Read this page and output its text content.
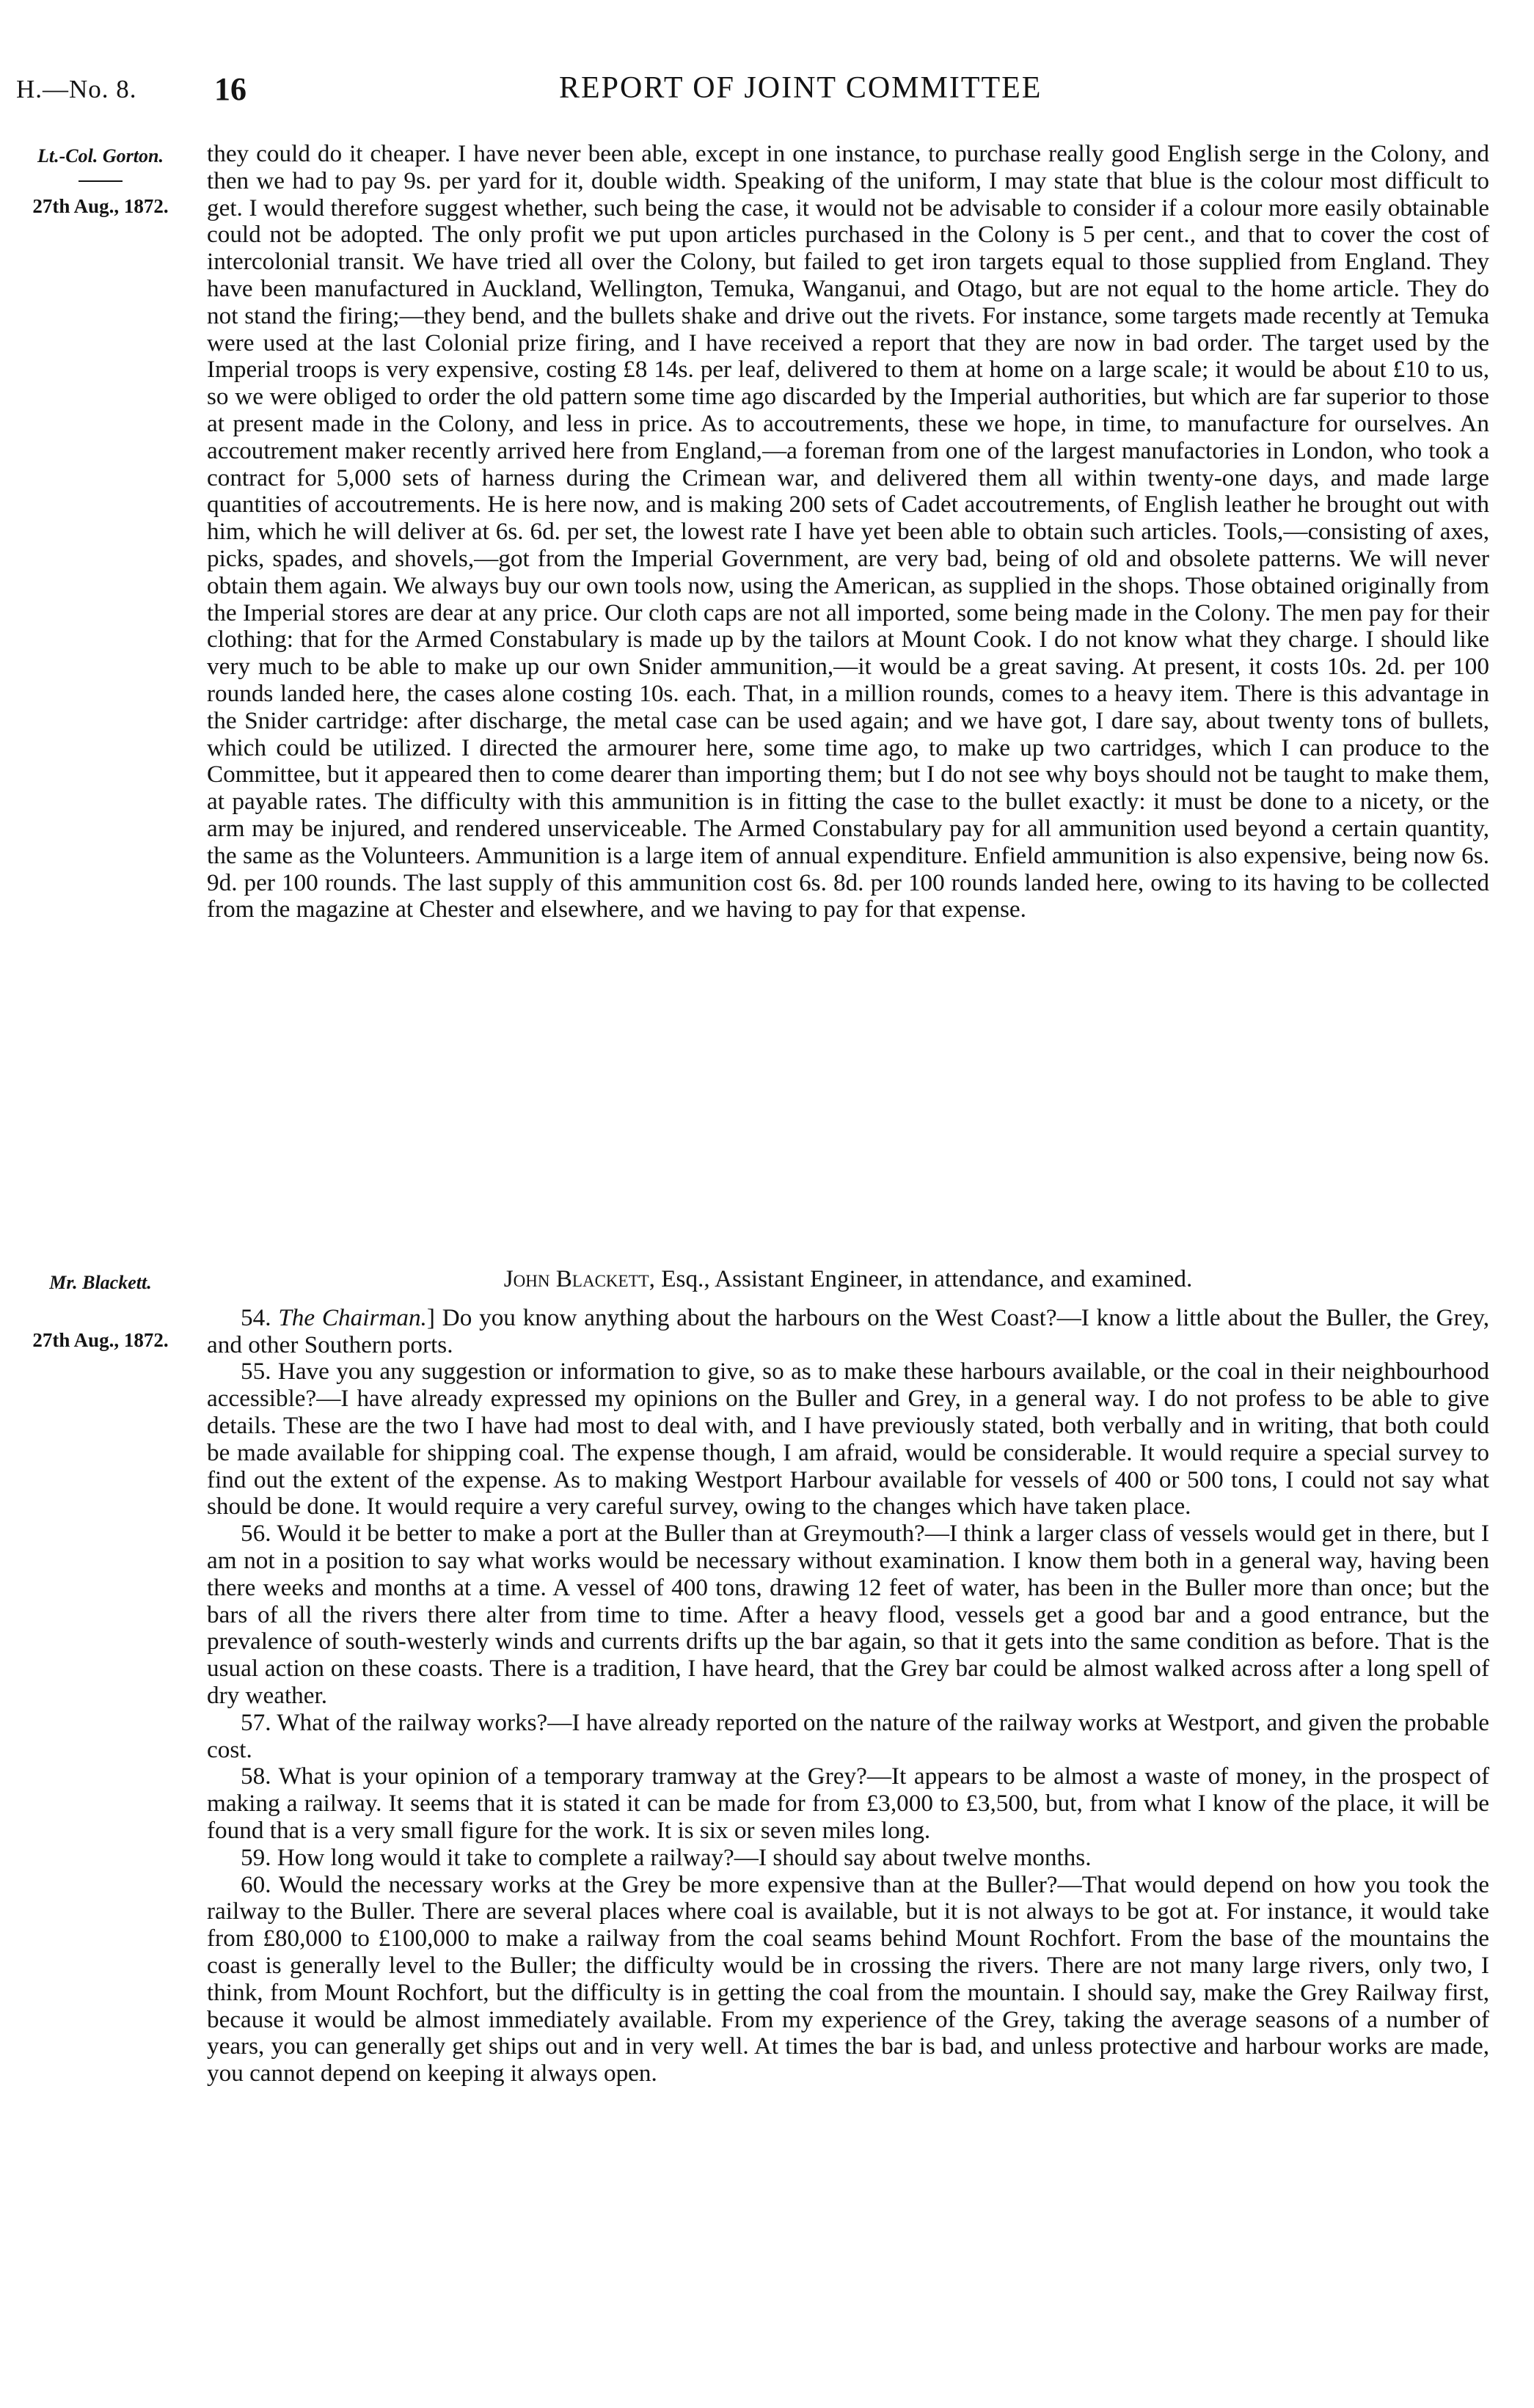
H.—No. 8. 16	REPORT OF JOINT COMMITTEE
Lt.-Col. Gorton.
27th Aug., 1872.

they could do it cheaper. I have never been able, except in one instance, to purchase really good English serge in the Colony, and then we had to pay 9s. per yard for it, double width. Speaking of the uniform, I may state that blue is the colour most difficult to get. I would therefore suggest whether, such being the case, it would not be advisable to consider if a colour more easily obtainable could not be adopted. The only profit we put upon articles purchased in the Colony is 5 per cent., and that to cover the cost of intercolonial transit. We have tried all over the Colony, but failed to get iron targets equal to those supplied from England. They have been manufactured in Auckland, Wellington, Temuka, Wanganui, and Otago, but are not equal to the home article. They do not stand the firing;—they bend, and the bullets shake and drive out the rivets. For instance, some targets made recently at Temuka were used at the last Colonial prize firing, and I have received a report that they are now in bad order. The target used by the Imperial troops is very expensive, costing £8 14s. per leaf, delivered to them at home on a large scale; it would be about £10 to us, so we were obliged to order the old pattern some time ago discarded by the Imperial authorities, but which are far superior to those at present made in the Colony, and less in price. As to accoutrements, these we hope, in time, to manufacture for ourselves. An accoutrement maker recently arrived here from England,—a foreman from one of the largest manufactories in London, who took a contract for 5,000 sets of harness during the Crimean war, and delivered them all within twenty-one days, and made large quantities of accoutrements. He is here now, and is making 200 sets of Cadet accoutrements, of English leather he brought out with him, which he will deliver at 6s. 6d. per set, the lowest rate I have yet been able to obtain such articles. Tools,—consisting of axes, picks, spades, and shovels,—got from the Imperial Government, are very bad, being of old and obsolete patterns. We will never obtain them again. We always buy our own tools now, using the American, as supplied in the shops. Those obtained originally from the Imperial stores are dear at any price. Our cloth caps are not all imported, some being made in the Colony. The men pay for their clothing: that for the Armed Constabulary is made up by the tailors at Mount Cook. I do not know what they charge. I should like very much to be able to make up our own Snider ammunition,—it would be a great saving. At present, it costs 10s. 2d. per 100 rounds landed here, the cases alone costing 10s. each. That, in a million rounds, comes to a heavy item. There is this advantage in the Snider cartridge: after discharge, the metal case can be used again; and we have got, I dare say, about twenty tons of bullets, which could be utilized. I directed the armourer here, some time ago, to make up two cartridges, which I can produce to the Committee, but it appeared then to come dearer than importing them; but I do not see why boys should not be taught to make them, at payable rates. The difficulty with this ammunition is in fitting the case to the bullet exactly: it must be done to a nicety, or the arm may be injured, and rendered unserviceable. The Armed Constabulary pay for all ammunition used beyond a certain quantity, the same as the Volunteers. Ammunition is a large item of annual expenditure. Enfield ammunition is also expensive, being now 6s. 9d. per 100 rounds. The last supply of this ammunition cost 6s. 8d. per 100 rounds landed here, owing to its having to be collected from the magazine at Chester and elsewhere, and we having to pay for that expense.

Mr. Blackett.
27th Aug., 1872.

John Blackett, Esq., Assistant Engineer, in attendance, and examined.

54. The Chairman.] Do you know anything about the harbours on the West Coast?—I know a little about the Buller, the Grey, and other Southern ports.

55. Have you any suggestion or information to give, so as to make these harbours available, or the coal in their neighbourhood accessible?—I have already expressed my opinions on the Buller and Grey, in a general way. I do not profess to be able to give details. These are the two I have had most to deal with, and I have previously stated, both verbally and in writing, that both could be made available for shipping coal. The expense though, I am afraid, would be considerable. It would require a special survey to find out the extent of the expense. As to making Westport Harbour available for vessels of 400 or 500 tons, I could not say what should be done. It would require a very careful survey, owing to the changes which have taken place.

56. Would it be better to make a port at the Buller than at Greymouth?—I think a larger class of vessels would get in there, but I am not in a position to say what works would be necessary without examination. I know them both in a general way, having been there weeks and months at a time. A vessel of 400 tons, drawing 12 feet of water, has been in the Buller more than once; but the bars of all the rivers there alter from time to time. After a heavy flood, vessels get a good bar and a good entrance, but the prevalence of south-westerly winds and currents drifts up the bar again, so that it gets into the same condition as before. That is the usual action on these coasts. There is a tradition, I have heard, that the Grey bar could be almost walked across after a long spell of dry weather.

57. What of the railway works?—I have already reported on the nature of the railway works at Westport, and given the probable cost.

58. What is your opinion of a temporary tramway at the Grey?—It appears to be almost a waste of money, in the prospect of making a railway. It seems that it is stated it can be made for from £3,000 to £3,500, but, from what I know of the place, it will be found that is a very small figure for the work. It is six or seven miles long.

59. How long would it take to complete a railway?—I should say about twelve months.

60. Would the necessary works at the Grey be more expensive than at the Buller?—That would depend on how you took the railway to the Buller. There are several places where coal is available, but it is not always to be got at. For instance, it would take from £80,000 to £100,000 to make a railway from the coal seams behind Mount Rochfort. From the base of the mountains the coast is generally level to the Buller; the difficulty would be in crossing the rivers. There are not many large rivers, only two, I think, from Mount Rochfort, but the difficulty is in getting the coal from the mountain. I should say, make the Grey Railway first, because it would be almost immediately available. From my experience of the Grey, taking the average seasons of a number of years, you can generally get ships out and in very well. At times the bar is bad, and unless protective and harbour works are made, you cannot depend on keeping it always open.
